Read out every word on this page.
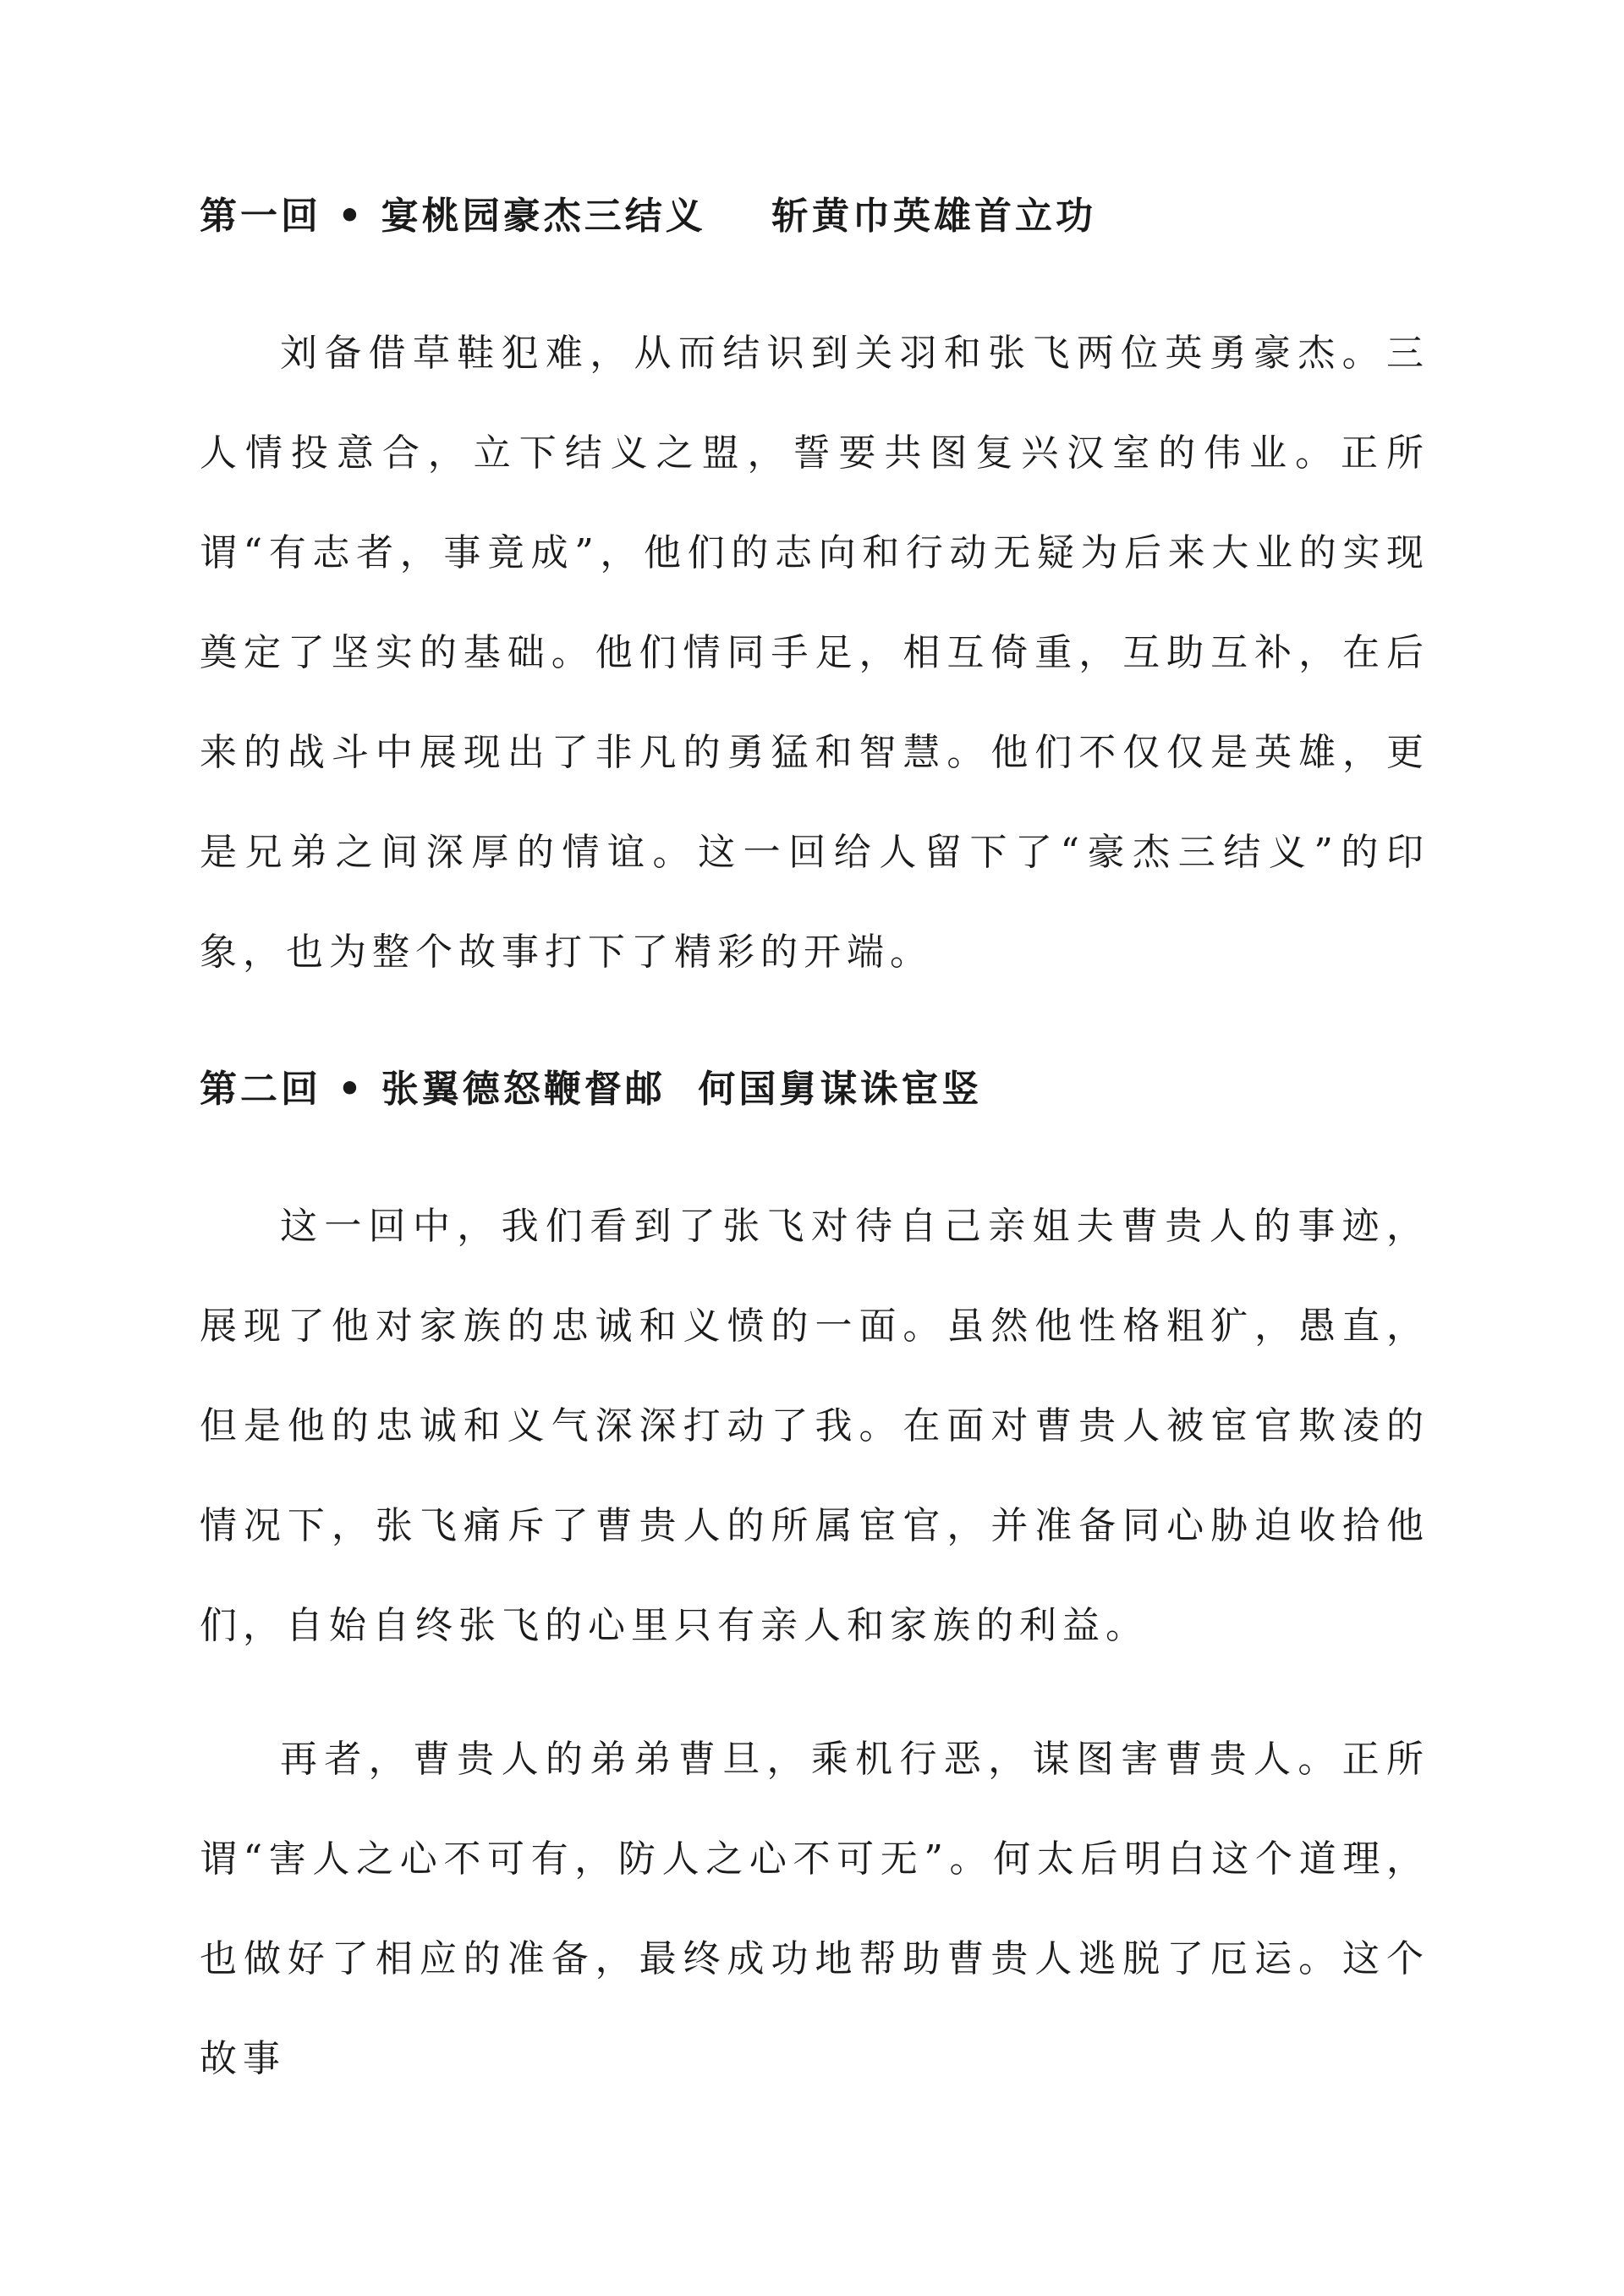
第一回 • 宴桃园豪杰三结义    斩黄巾英雄首立功

刘备借草鞋犯难，从而结识到关羽和张飞两位英勇豪杰。三人情投意合，立下结义之盟，誓要共图复兴汉室的伟业。正所谓“有志者，事竟成”，他们的志向和行动无疑为后来大业的实现奠定了坚实的基础。他们情同手足，相互倚重，互助互补，在后来的战斗中展现出了非凡的勇猛和智慧。他们不仅仅是英雄，更是兄弟之间深厚的情谊。这一回给人留下了“豪杰三结义”的印象，也为整个故事打下了精彩的开端。

第二回 • 张翼德怒鞭督邮  何国舅谋诛宦竖

这一回中，我们看到了张飞对待自己亲姐夫曹贵人的事迹，展现了他对家族的忠诚和义愤的一面。虽然他性格粗犷，愚直，但是他的忠诚和义气深深打动了我。在面对曹贵人被宦官欺凌的情况下，张飞痛斥了曹贵人的所属宦官，并准备同心胁迫收拾他们，自始自终张飞的心里只有亲人和家族的利益。

再者，曹贵人的弟弟曹旦，乘机行恶，谋图害曹贵人。正所谓“害人之心不可有，防人之心不可无”。何太后明白这个道理，也做好了相应的准备，最终成功地帮助曹贵人逃脱了厄运。这个故事
